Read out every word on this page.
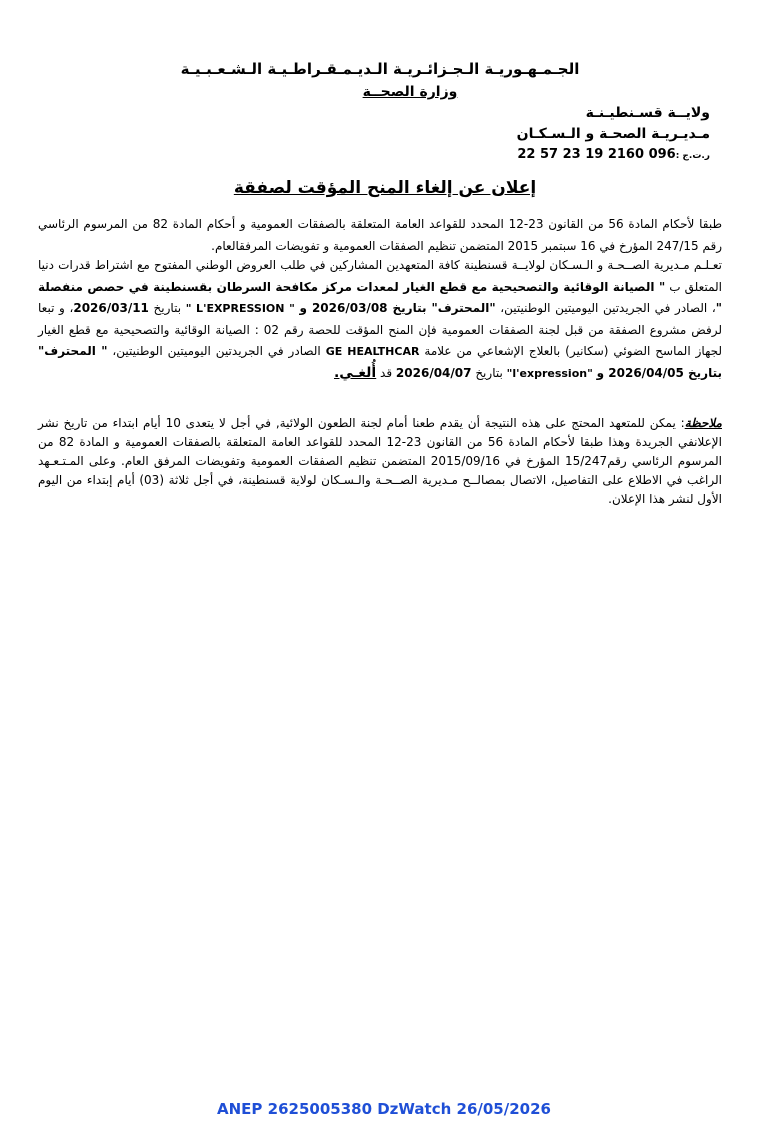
الجـمـهـوريـة الـجـزائـريـة الـديـمـقـراطـيـة الـشـعـبـيـة
وزارة الصحــة
ولايــة قسـنطيـنـة
مـديـريـة الصحـة و الـسـكـان
ر.ت.ج :096 2160 19 23 57 22
إعلان عن إلغاء المنح المؤقت لصفقة
طبقا لأحكام المادة 56 من القانون 23-12 المحدد للقواعد العامة المتعلقة بالصفقات العمومية و أحكام المادة 82 من المرسوم الرئاسي رقم 247/15 المؤرخ في 16 سبتمبر 2015 المتضمن تنظيم الصفقات العمومية و تفويضات المرفقالعام.
تعـلـم مـديرية الصــحـة و الـسـكان لولايــة قسنطينة كافة المتعهدين المشاركين في طلب العروض الوطني المفتوح مع اشتراط قدرات دنيا المتعلق ب " الصيانة الوقائية والتصحيحية مع قطع الغيار لمعدات مركز مكافحة السرطان بقسنطينة في حصص منفصلة "، الصادر في الجريدتين اليوميتين الوطنيتين، "المحترف" بتاريخ 2026/03/08 و " L'EXPRESSION " بتاريخ 2026/03/11، و تبعا لرفض مشروع الصفقة من قبل لجنة الصفقات العمومية فإن المنح المؤقت للحصة رقم 02 : الصيانة الوقائية والتصحيحية مع قطع الغيار لجهاز الماسح الضوئي (سكانير) بالعلاج الإشعاعي من علامة GE HEALTHCAR الصادر في الجريدتين اليوميتين الوطنيتين، " المحترف" بتاريخ 2026/04/05 و "l'expression" بتاريخ 2026/04/07 قد أُلغـي.
ملاحظة: يمكن للمتعهد المحتج على هذه النتيجة أن يقدم طعنا أمام لجنة الطعون الولائية, في أجل لا يتعدى 10 أيام ابتداء من تاريخ نشر الإعلانفي الجريدة وهذا طبقا لأحكام المادة 56 من القانون 23-12 المحدد للقواعد العامة المتعلقة بالصفقات العمومية و المادة 82 من المرسوم الرئاسي رقم15/247 المؤرخ في 2015/09/16 المتضمن تنظيم الصفقات العمومية وتفويضات المرفق العام. وعلى المـتـعـهد الراغب في الاطلاع على التفاصيل، الاتصال بمصالــح مـديرية الصــحـة والـسـكان لولاية قسنطينة، في أجل ثلاثة (03) أيام إبتداء من اليوم الأول لنشر هذا الإعلان.
ANEP 2625005380 DzWatch 26/05/2026
